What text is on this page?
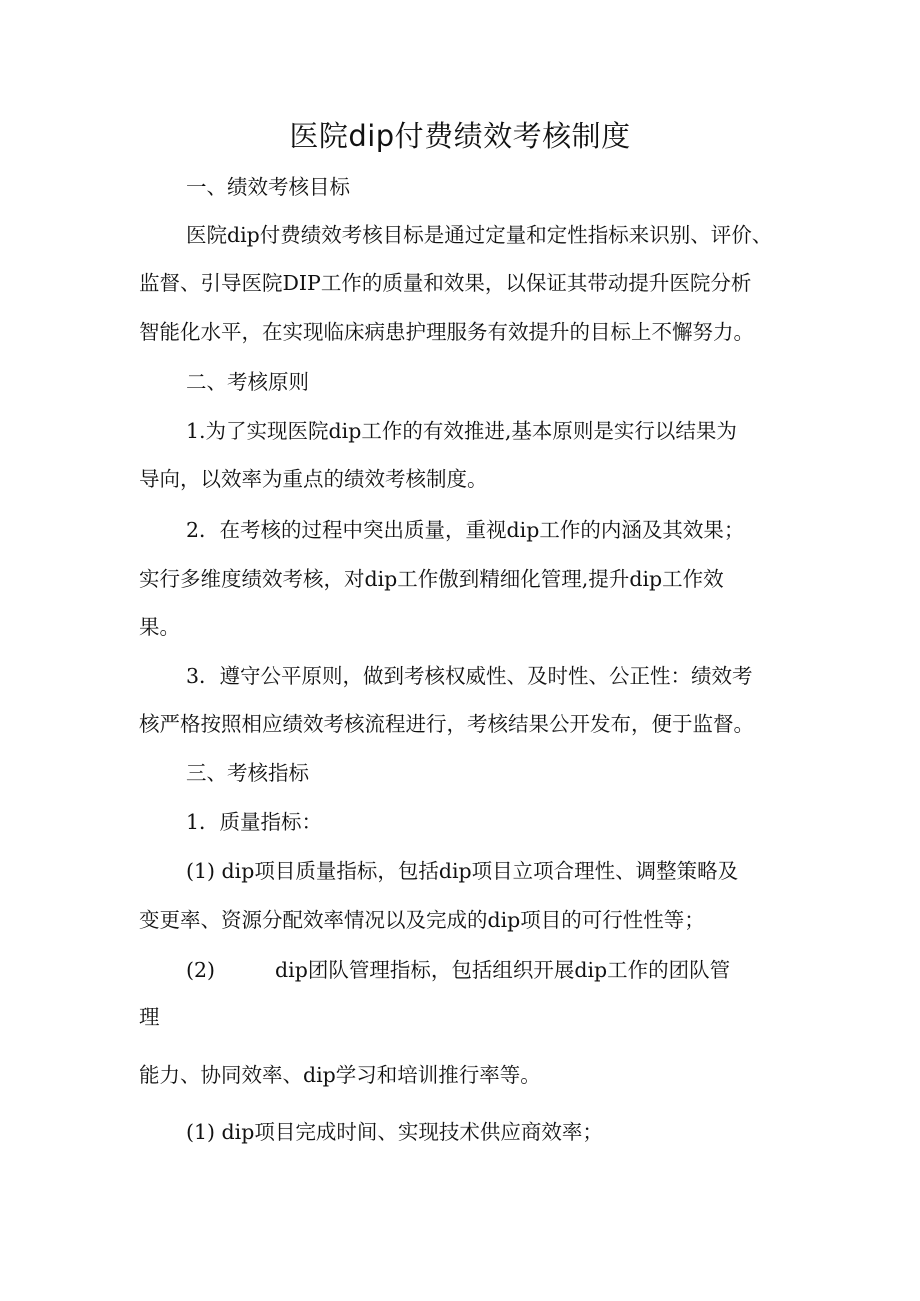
医院dip付费绩效考核制度
一、绩效考核目标
医院dip付费绩效考核目标是通过定量和定性指标来识别、评价、
监督、引导医院DIP工作的质量和效果，以保证其带动提升医院分析
智能化水平，在实现临床病患护理服务有效提升的目标上不懈努力。
二、考核原则
1.为了实现医院dip工作的有效推进,基本原则是实行以结果为
导向，以效率为重点的绩效考核制度。
2．在考核的过程中突出质量，重视dip工作的内涵及其效果；
实行多维度绩效考核，对dip工作傲到精细化管理,提升dip工作效
果。
3．遵守公平原则，做到考核权威性、及时性、公正性：绩效考
核严格按照相应绩效考核流程进行，考核结果公开发布，便于监督。
三、考核指标
1．质量指标：
(1) dip项目质量指标，包括dip项目立项合理性、调整策略及
变更率、资源分配效率情况以及完成的dip项目的可行性性等；
(2)	dip团队管理指标，包括组织开展dip工作的团队管
理
能力、协同效率、dip学习和培训推行率等。
(1) dip项目完成时间、实现技术供应商效率；
